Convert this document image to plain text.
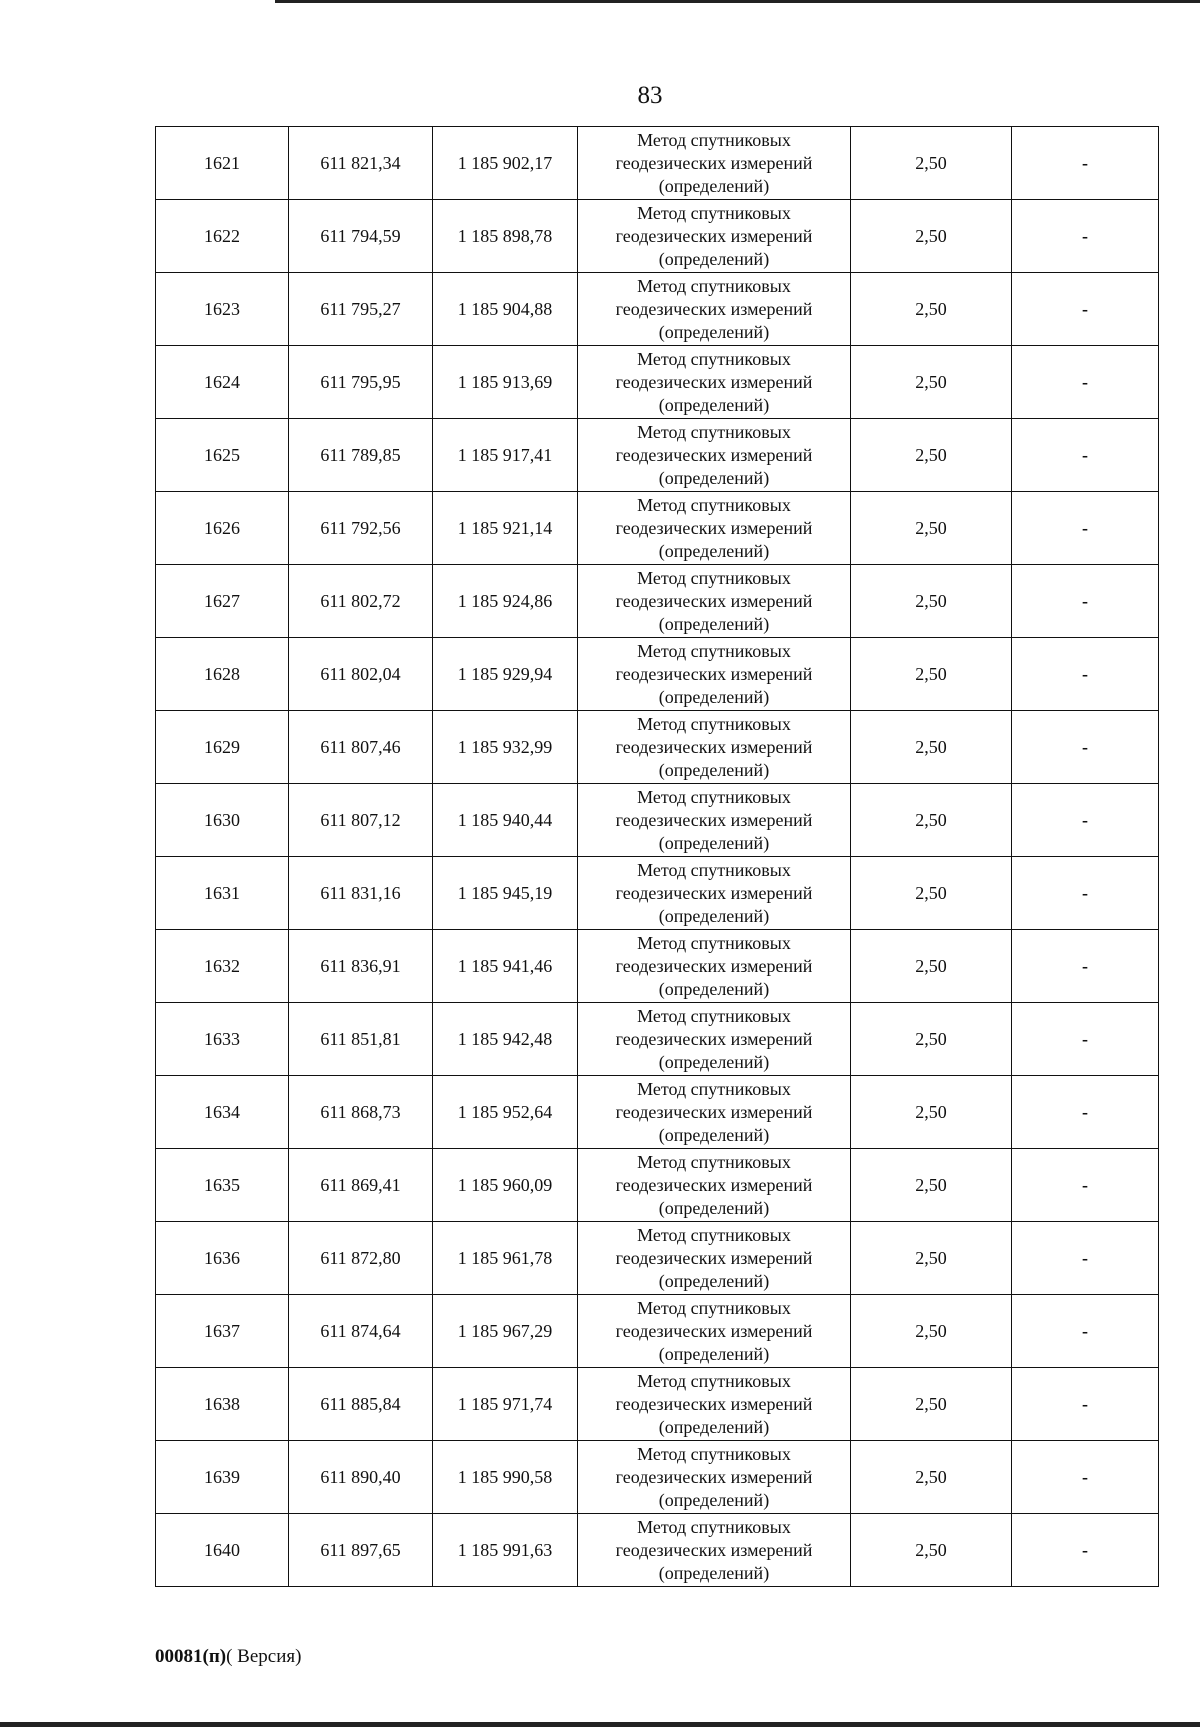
83
1621	611 821,34	1 185 902,17	Метод спутниковых
геодезических измерений
(определений)	2,50	-
1622	611 794,59	1 185 898,78	Метод спутниковых
геодезических измерений
(определений)	2,50	-
1623	611 795,27	1 185 904,88	Метод спутниковых
геодезических измерений
(определений)	2,50	-
1624	611 795,95	1 185 913,69	Метод спутниковых
геодезических измерений
(определений)	2,50	-
1625	611 789,85	1 185 917,41	Метод спутниковых
геодезических измерений
(определений)	2,50	-
1626	611 792,56	1 185 921,14	Метод спутниковых
геодезических измерений
(определений)	2,50	-
1627	611 802,72	1 185 924,86	Метод спутниковых
геодезических измерений
(определений)	2,50	-
1628	611 802,04	1 185 929,94	Метод спутниковых
геодезических измерений
(определений)	2,50	-
1629	611 807,46	1 185 932,99	Метод спутниковых
геодезических измерений
(определений)	2,50	-
1630	611 807,12	1 185 940,44	Метод спутниковых
геодезических измерений
(определений)	2,50	-
1631	611 831,16	1 185 945,19	Метод спутниковых
геодезических измерений
(определений)	2,50	-
1632	611 836,91	1 185 941,46	Метод спутниковых
геодезических измерений
(определений)	2,50	-
1633	611 851,81	1 185 942,48	Метод спутниковых
геодезических измерений
(определений)	2,50	-
1634	611 868,73	1 185 952,64	Метод спутниковых
геодезических измерений
(определений)	2,50	-
1635	611 869,41	1 185 960,09	Метод спутниковых
геодезических измерений
(определений)	2,50	-
1636	611 872,80	1 185 961,78	Метод спутниковых
геодезических измерений
(определений)	2,50	-
1637	611 874,64	1 185 967,29	Метод спутниковых
геодезических измерений
(определений)	2,50	-
1638	611 885,84	1 185 971,74	Метод спутниковых
геодезических измерений
(определений)	2,50	-
1639	611 890,40	1 185 990,58	Метод спутниковых
геодезических измерений
(определений)	2,50	-
1640	611 897,65	1 185 991,63	Метод спутниковых
геодезических измерений
(определений)	2,50	-
00081(п)( Версия)
